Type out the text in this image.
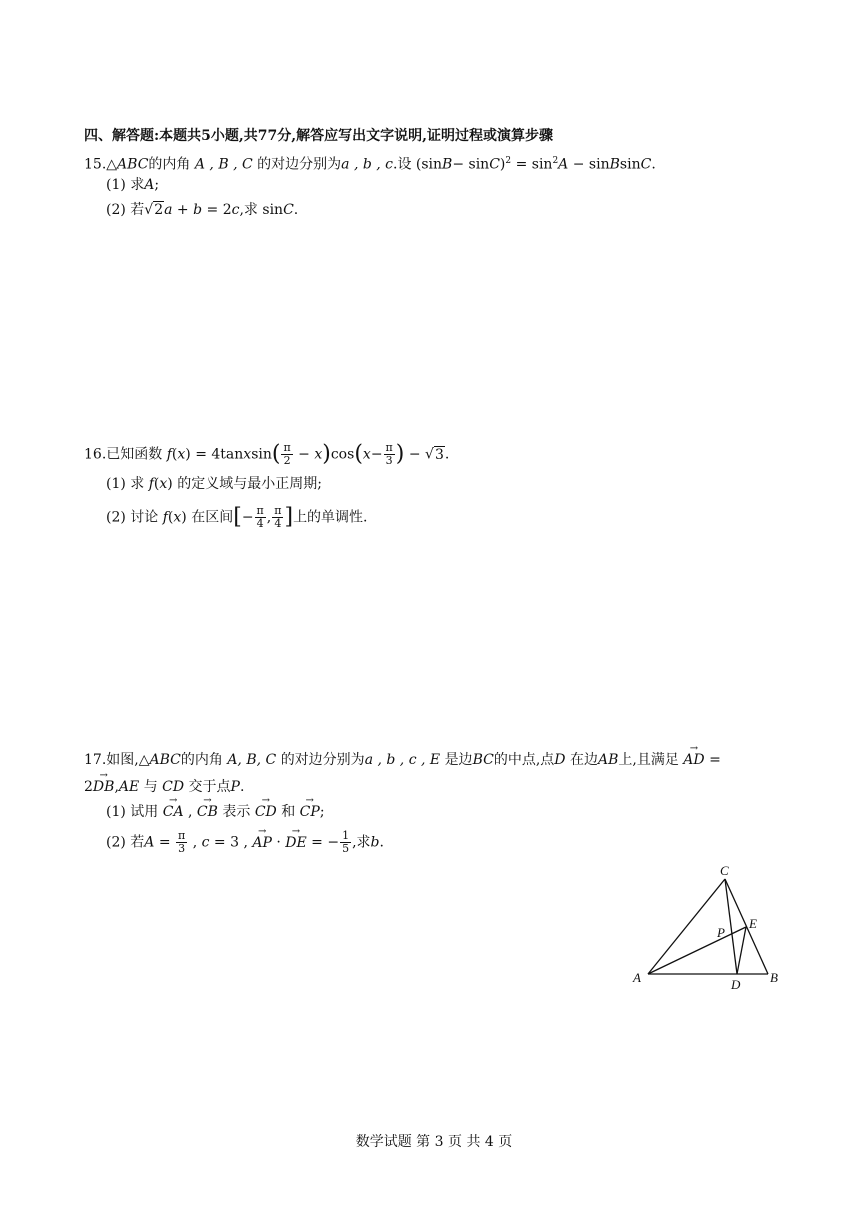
四、解答题:本题共5小题,共77分,解答应写出文字说明,证明过程或演算步骤
15.△ABC的内角 A , B , C 的对边分别为a , b , c.设 $(\sin B- \sin C)^2 = \sin^2A$ − sinBsinC.
(1) 求A;
(2) 若√2a + b = 2c,求 sinC.
16.已知函数 f(x) = 4tanxsin( $\frac{\pi}{2} - x)\cos(x- \frac{\pi}{3}$ ) − √3.
(1) 求 f(x) 的定义域与最小正周期;
(2) 讨论 f(x) 在区间[− $\frac{\pi}{4}$ , $\frac{\pi}{4}$ ]上的单调性.
17.如图,△ABC的内角 A, B, C 的对边分别为a , b , c , E 是边BC的中点,点D 在边AB上,且满足 → AD =
2→ DB,AE 与 CD 交于点P.
(1) 试用 → CA , → CB 表示 → CD 和 → CP;
(2) 若$A = \frac{\pi}{3}$ , c = 3 , → AP · → DE = − $\frac{1}{5}$ ,求b.
A	B
C
D
E
P
数学试题 第 3 页 共 4 页
